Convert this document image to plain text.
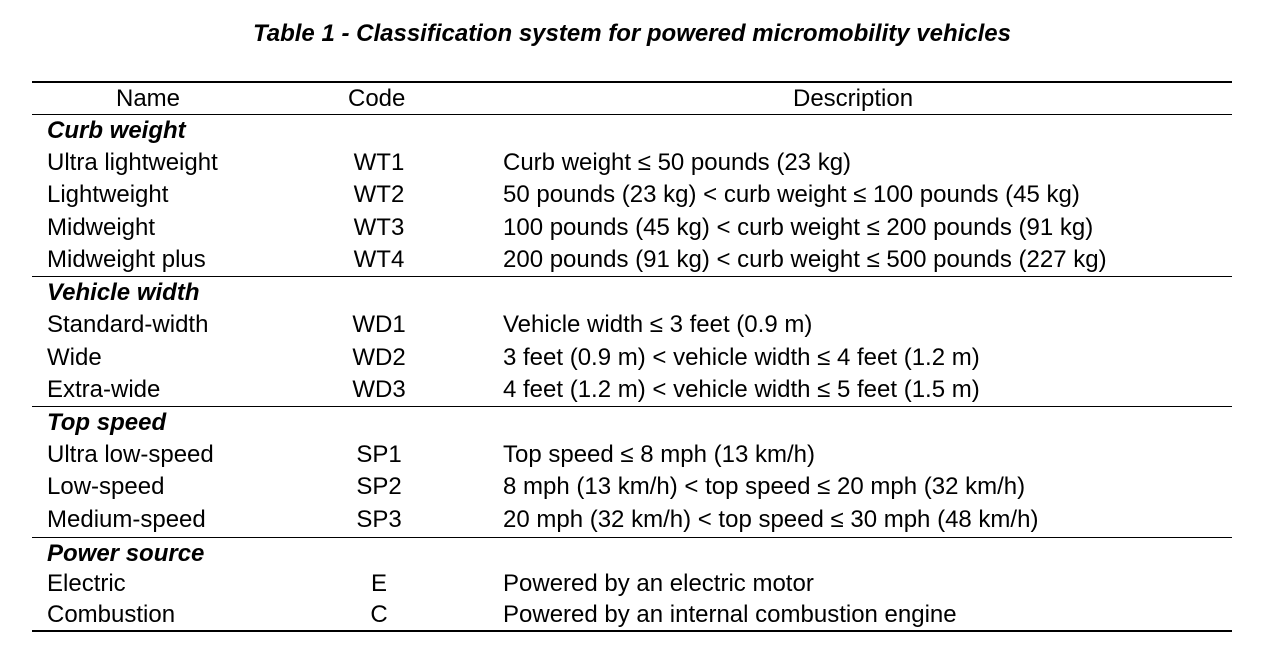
Table 1 - Classification system for powered micromobility vehicles
Name	Code	Description
Curb weight
Ultra lightweight	WT1	Curb weight ≤ 50 pounds (23 kg)
Lightweight	WT2	50 pounds (23 kg) < curb weight ≤ 100 pounds (45 kg)
Midweight	WT3	100 pounds (45 kg) < curb weight ≤ 200 pounds (91 kg)
Midweight plus	WT4	200 pounds (91 kg) < curb weight ≤ 500 pounds (227 kg)
Vehicle width
Standard-width	WD1	Vehicle width ≤ 3 feet (0.9 m)
Wide	WD2	3 feet (0.9 m) < vehicle width ≤ 4 feet (1.2 m)
Extra-wide	WD3	4 feet (1.2 m) < vehicle width ≤ 5 feet (1.5 m)
Top speed
Ultra low-speed	SP1	Top speed ≤ 8 mph (13 km/h)
Low-speed	SP2	8 mph (13 km/h) < top speed ≤ 20 mph (32 km/h)
Medium-speed	SP3	20 mph (32 km/h) < top speed ≤ 30 mph (48 km/h)
Power source
Electric	E	Powered by an electric motor
Combustion	C	Powered by an internal combustion engine
